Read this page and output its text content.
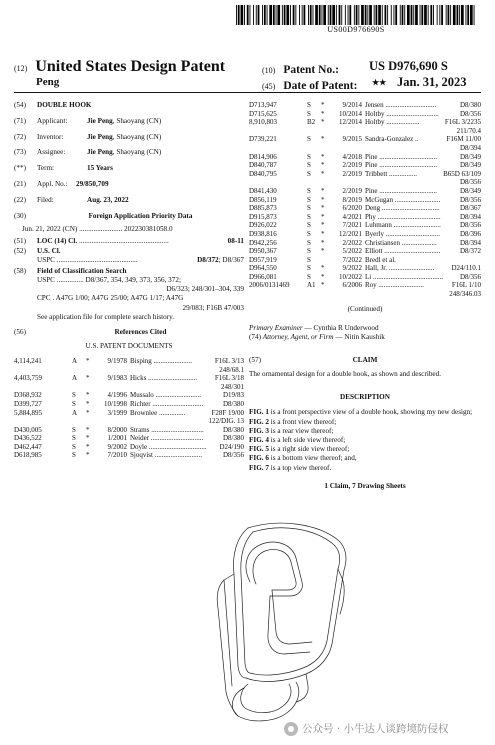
US00D976690S
(12) United States Design Patent	(10) Patent No.: US D976,690 S
Peng	(45) Date of Patent: ★★ Jan. 31, 2023
(54)	DOUBLE HOOK
(71)	Applicant:	Jie Peng, Shaoyang (CN)
(72)	Inventor:	Jie Peng, Shaoyang (CN)
(73)	Assignee:	Jie Peng, Shaoyang (CN)
(**)	Term:	15 Years
(21)	Appl. No.:	29/850,709
(22)	Filed:	Aug. 23, 2022
(30)	Foreign Application Priority Data
Jun. 21, 2022 (CN) ........................ 202230381058.0
(51)	LOC (14) Cl. ..................................................	08-11
(52)	U.S. Cl.
USPC .............................................	D8/372; D8/367
(58)	Field of Classification Search
USPC ............... D8/367, 354, 349, 373, 356, 372;
D6/323; 248/301–304, 339
CPC . A47G 1/00; A47G 25/00; A47G 1/17; A47G
29/083; F16B 47/003
See application file for complete search history.
(56)	References Cited
U.S. PATENT DOCUMENTS
4,114,241	A	*	9/1978	Bisping ......................	F16L 3/13
248/68.1					
4,403,759	A	*	9/1983	Hicks ............................	F16L 3/18
248/301					
D368,932	S	*	4/1996	Mussalo ..........................	D19/83
D399,727	S	*	10/1998	Richter .............................	D8/380
5,884,895	A	*	3/1999	Brownlee ...............	F28F 19/00
122/DIG. 13					
D430,005	S	*	8/2000	Strams ..............................	D8/380
D436,522	S	*	1/2001	Neider ..............................	D8/380
D462,447	S	*	9/2002	Doyle .................................	D24/190
D618,985	S	*	7/2010	Sjoqvist ...........................	D8/356
D713,947	S	*	9/2014	Jensen .............................	D8/380
D715,625	S	*	10/2014	Holtby ..............................	D8/356
8,910,803	B2	*	12/2014	Holtby ...................	F16L 3/2235
211/70.4					
D739,221	S	*	9/2015	Sandra-Gonzalez ..	F16M 11/00
D8/394					
D814,906	S	*	4/2018	Pine .................................	D8/349
D840,787	S	*	2/2019	Pine .................................	D8/349
D840,795	S	*	2/2019	Tribbett ................	B65D 63/109
D8/356					
D841,430	S	*	2/2019	Pine .................................	D8/349
D856,119	S	*	8/2019	McGugan ..........................	D8/356
D885,873	S	*	6/2020	Deng .................................	D8/367
D915,873	S	*	4/2021	Phy ....................................	D8/394
D926,022	S	*	7/2021	Luhmann ...........................	D8/356
D938,816	S	*	12/2021	Byerly ...............................	D8/396
D942,256	S	*	2/2022	Christiansen ....................	D8/394
D950,367	S	*	5/2022	Elliott ................................	D8/372
D957,919	S		7/2022	Bredl et al.	
D964,550	S	*	9/2022	Hall, Jr. ..........................	D24/110.1
D966,081	S	*	10/2022	Li ........................................	D8/356
2006/0131469	A1	*	6/2006	Roy ..........................	F16L 1/10
248/346.03					
(Continued)
Primary Examiner — Cynthia R Underwood
(74) Attorney, Agent, or Firm — Nitin Kaushik
(57)	CLAIM
The ornamental design for a double hook, as shown and described.
DESCRIPTION

FIG. 1 is a front perspective view of a double hook, showing my new design;

FIG. 2 is a front view thereof;

FIG. 3 is a rear view thereof;

FIG. 4 is a left side view thereof;

FIG. 5 is a right side view thereof;

FIG. 6 is a bottom view thereof; and,

FIG. 7 is a top view thereof.

1 Claim, 7 Drawing Sheets
公众号 · 小牛达人谈跨境防侵权
